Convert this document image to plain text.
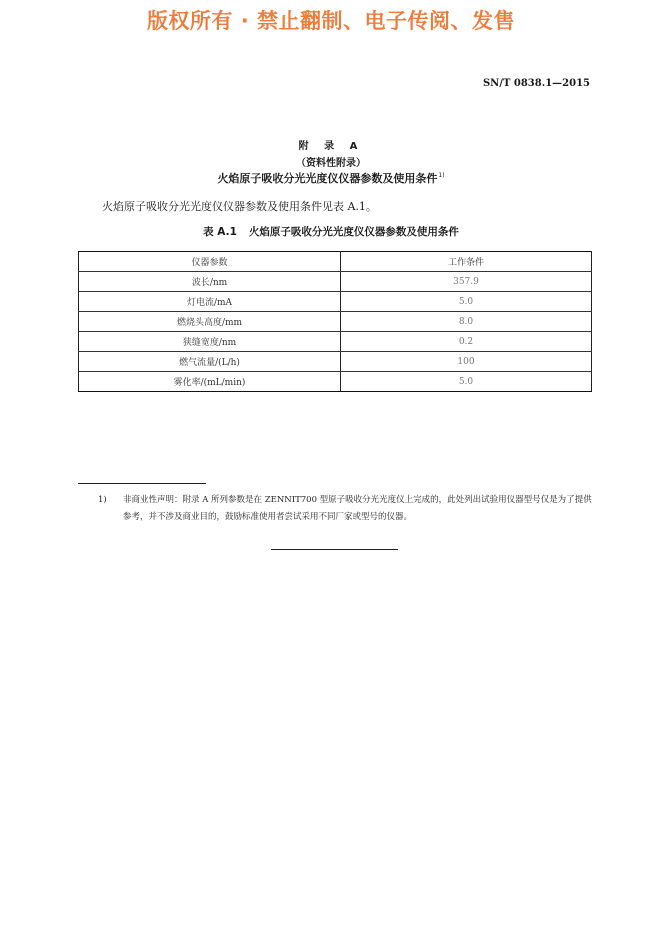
版权所有 · 禁止翻制、电子传阅、发售
SN/T 0838.1—2015
附 录 A
（资料性附录）
火焰原子吸收分光光度仪仪器参数及使用条件$^{1)}$
火焰原子吸收分光光度仪仪器参数及使用条件见表 A.1。
表 A.1 火焰原子吸收分光光度仪仪器参数及使用条件
仪器参数	工作条件
波长/nm	357.9
灯电流/mA	5.0
燃烧头高度/mm	8.0
狭缝宽度/nm	0.2
燃气流量/(L/h)	100
雾化率/(mL/min)	5.0
1) 非商业性声明：附录 A 所列参数是在 ZENNIT700 型原子吸收分光光度仪上完成的，此处列出试验用仪器型号仅是为了提供参考，并不涉及商业目的，鼓励标准使用者尝试采用不同厂家或型号的仪器。
